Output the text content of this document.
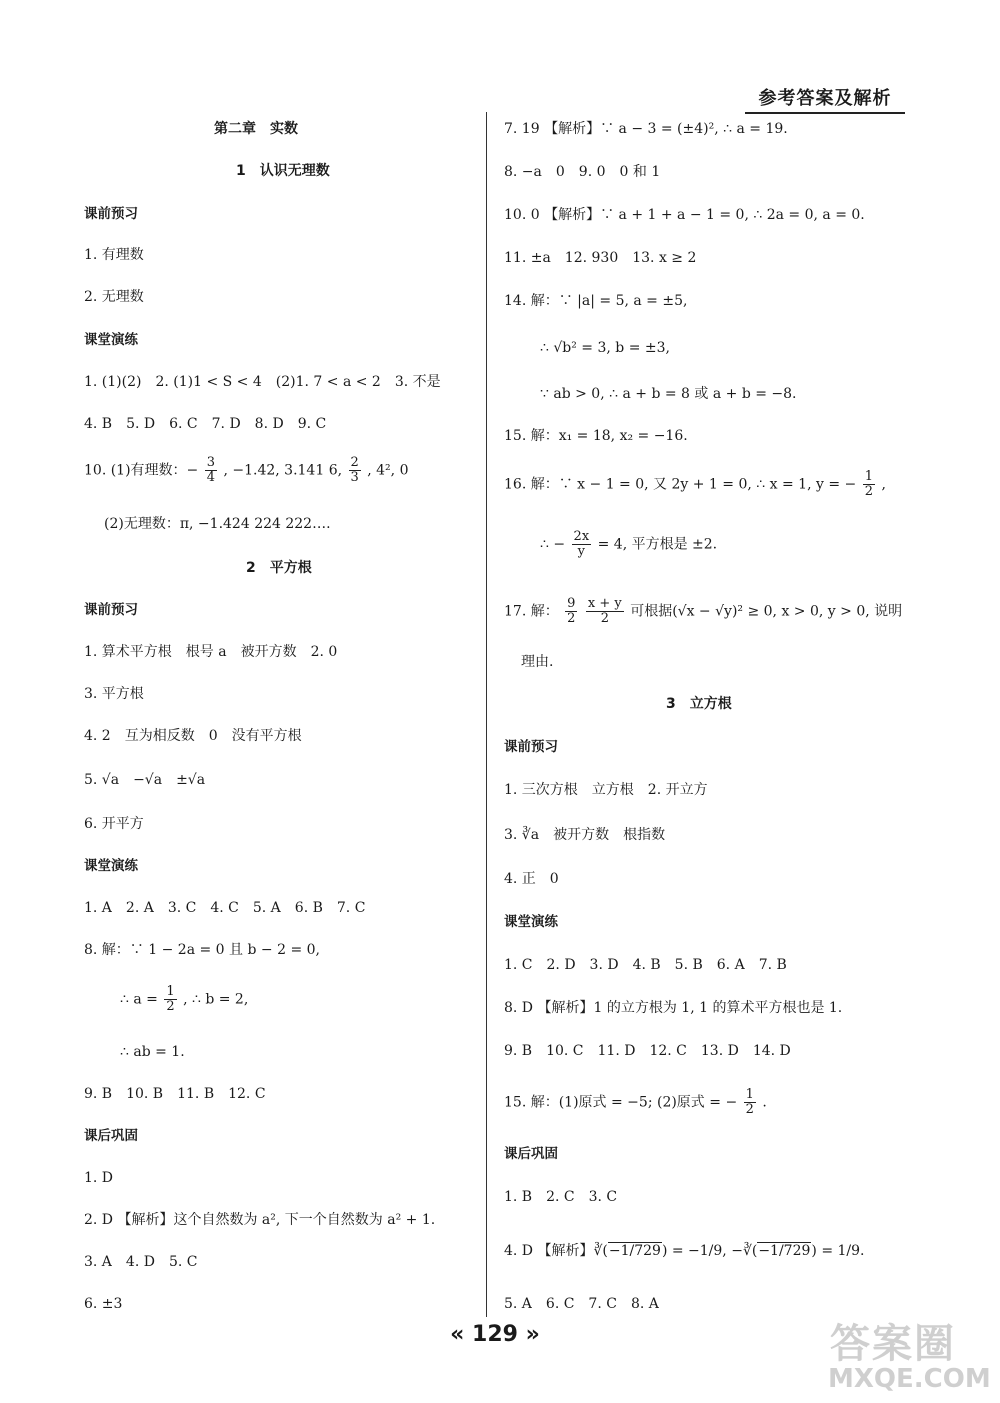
参考答案及解析
第二章　实数
1　认识无理数
课前预习
1. 有理数
2. 无理数
课堂演练
1. (1)(2)　2. (1)1 < S < 4　(2)1. 7 < a < 2　3. 不是
4. B　5. D　6. C　7. D　8. D　9. C
10. (1)有理数：− $\frac{3}{4}$ , −1.4̇2̇, 3.141 6, $\frac{2}{3}$ , 4², 0
(2)无理数：π, −1.424 224 222….
2　平方根
课前预习
1. 算术平方根　根号 a　被开方数　2. 0
3. 平方根
4. 2　互为相反数　0　没有平方根
5. √a　−√a　±√a
6. 开平方
课堂演练
1. A　2. A　3. C　4. C　5. A　6. B　7. C
8. 解：∵ 1 − 2a = 0 且 b − 2 = 0,
∴ $a = \frac{1}{2}$ , ∴ b = 2,
∴ ab = 1.
9. B　10. B　11. B　12. C
课后巩固
1. D
2. D 【解析】这个自然数为 a², 下一个自然数为 a² + 1.
3. A　4. D　5. C
6. ±3
7. 19 【解析】∵ a − 3 = (±4)², ∴ a = 19.
8. −a　0　9. 0　0 和 1
10. 0 【解析】∵ a + 1 + a − 1 = 0, ∴ 2a = 0, a = 0.
11. ±a　12. 930　13. x ≥ 2
14. 解：∵ |a| = 5, a = ±5,
∴ √b² = 3, b = ±3,
∵ ab > 0, ∴ a + b = 8 或 a + b = −8.
15. 解：x₁ = 18, x₂ = −16.
16. 解：∵ x − 1 = 0, 又 2y + 1 = 0, ∴ x = 1, y = − $\frac{1}{2}$ ,
∴ − $\frac{2x}{y} = 4$, 平方根是 ±2.
17. 解： $\frac{9}{2}$
$\frac{x + y}{2}$ 可根据(√x − √y)² ≥ 0, x > 0, y > 0, 说明
理由.
3　立方根
课前预习
1. 三次方根　立方根　2. 开立方
3. ∛a　被开方数　根指数
4. 正　0
课堂演练
1. C　2. D　3. D　4. B　5. B　6. A　7. B
8. D 【解析】1 的立方根为 1, 1 的算术平方根也是 1.
9. B　10. C　11. D　12. C　13. D　14. D
15. 解：(1)原式 = −5; (2)原式 = − $\frac{1}{2}$ .
课后巩固
1. B　2. C　3. C
4. D 【解析】∛(−1/729) = −1/9, −∛(−1/729) = 1/9.
5. A　6. C　7. C　8. A
« 129 »	答案圈
MXQE.COM
